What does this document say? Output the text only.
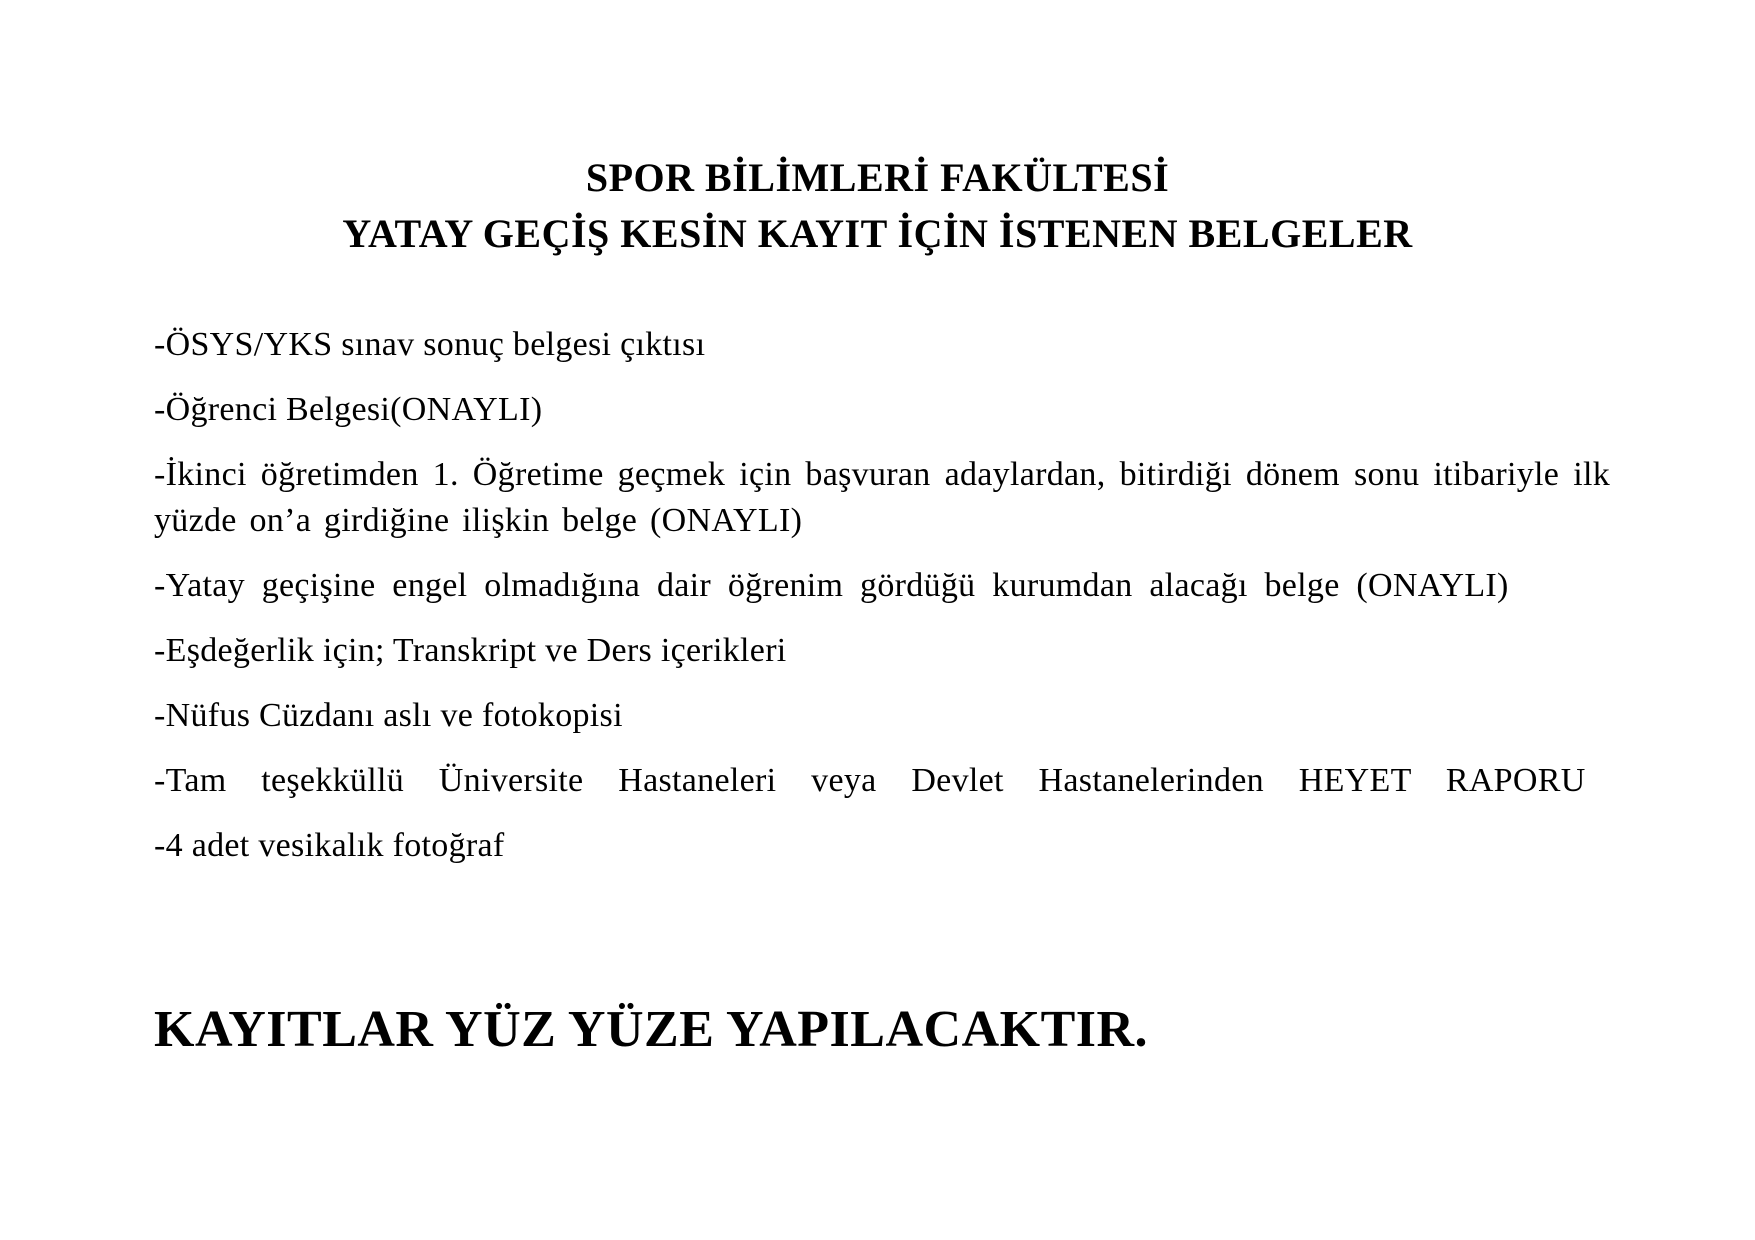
SPOR BİLİMLERİ FAKÜLTESİ
YATAY GEÇİŞ KESİN KAYIT İÇİN İSTENEN BELGELER
-ÖSYS/YKS sınav sonuç belgesi çıktısı
-Öğrenci Belgesi(ONAYLI)
-İkinci öğretimden 1. Öğretime geçmek için başvuran adaylardan, bitirdiği dönem sonu itibariyle ilk yüzde on’a girdiğine ilişkin belge (ONAYLI)
-Yatay geçişine engel olmadığına dair öğrenim gördüğü kurumdan alacağı belge (ONAYLI)
-Eşdeğerlik için; Transkript ve Ders içerikleri
-Nüfus Cüzdanı aslı ve fotokopisi
-Tam teşekküllü Üniversite Hastaneleri veya Devlet Hastanelerinden HEYET RAPORU
-4 adet vesikalık fotoğraf
KAYITLAR YÜZ YÜZE YAPILACAKTIR.
